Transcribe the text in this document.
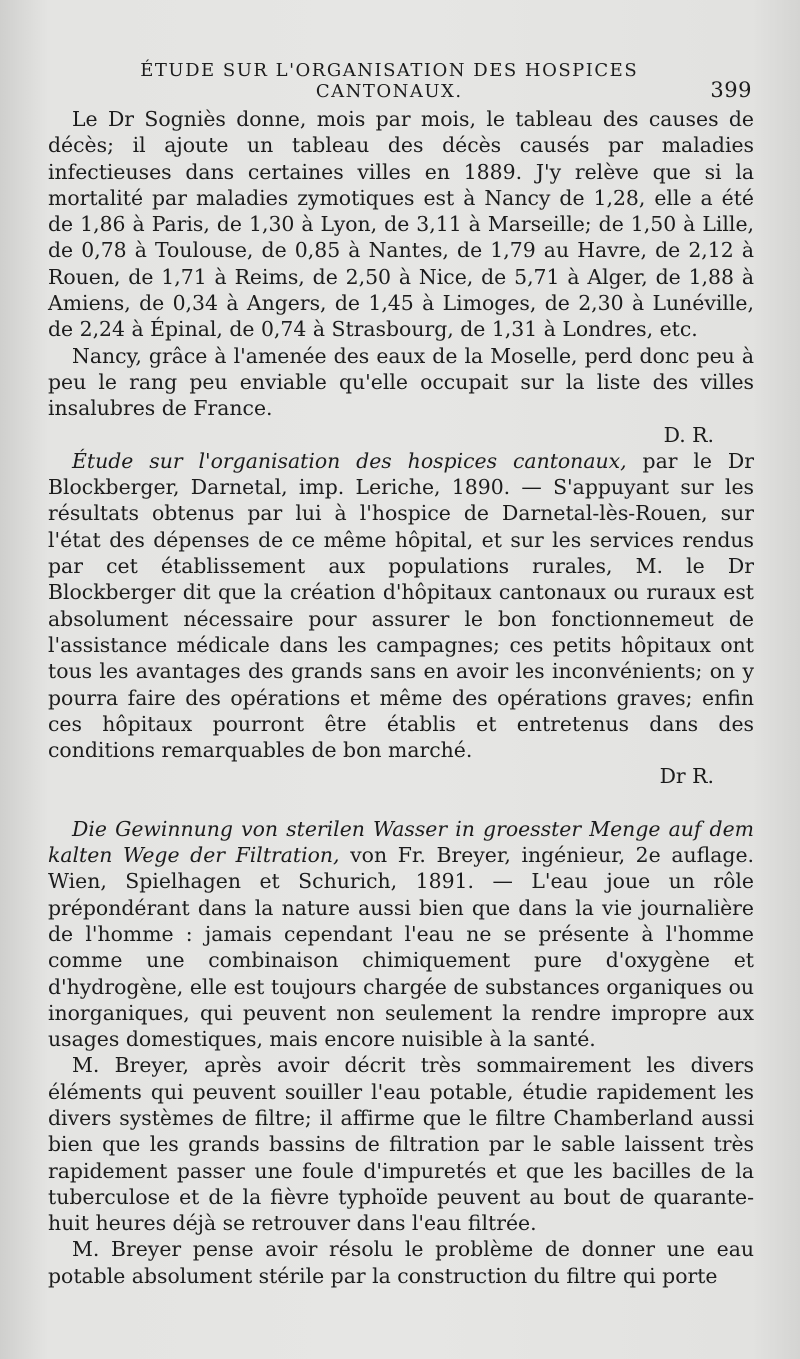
ÉTUDE SUR L'ORGANISATION DES HOSPICES CANTONAUX.	399

Le Dr Sogniès donne, mois par mois, le tableau des causes de décès; il ajoute un tableau des décès causés par maladies infectieuses dans certaines villes en 1889. J'y relève que si la mortalité par maladies zymotiques est à Nancy de 1,28, elle a été de 1,86 à Paris, de 1,30 à Lyon, de 3,11 à Marseille; de 1,50 à Lille, de 0,78 à Toulouse, de 0,85 à Nantes, de 1,79 au Havre, de 2,12 à Rouen, de 1,71 à Reims, de 2,50 à Nice, de 5,71 à Alger, de 1,88 à Amiens, de 0,34 à Angers, de 1,45 à Limoges, de 2,30 à Lunéville, de 2,24 à Épinal, de 0,74 à Strasbourg, de 1,31 à Londres, etc.

Nancy, grâce à l'amenée des eaux de la Moselle, perd donc peu à peu le rang peu enviable qu'elle occupait sur la liste des villes insalubres de France.

D. R.

Étude sur l'organisation des hospices cantonaux, par le Dr Blockberger, Darnetal, imp. Leriche, 1890. — S'appuyant sur les résultats obtenus par lui à l'hospice de Darnetal-lès-Rouen, sur l'état des dépenses de ce même hôpital, et sur les services rendus par cet établissement aux populations rurales, M. le Dr Blockberger dit que la création d'hôpitaux cantonaux ou ruraux est absolument nécessaire pour assurer le bon fonctionnemeut de l'assistance médicale dans les campagnes; ces petits hôpitaux ont tous les avantages des grands sans en avoir les inconvénients; on y pourra faire des opérations et même des opérations graves; enfin ces hôpitaux pourront être établis et entretenus dans des conditions remarquables de bon marché.

Dr R.

Die Gewinnung von sterilen Wasser in groesster Menge auf dem kalten Wege der Filtration, von Fr. Breyer, ingénieur, 2e auflage. Wien, Spielhagen et Schurich, 1891. — L'eau joue un rôle prépondérant dans la nature aussi bien que dans la vie journalière de l'homme : jamais cependant l'eau ne se présente à l'homme comme une combinaison chimiquement pure d'oxygène et d'hydrogène, elle est toujours chargée de substances organiques ou inorganiques, qui peuvent non seulement la rendre impropre aux usages domestiques, mais encore nuisible à la santé.

M. Breyer, après avoir décrit très sommairement les divers éléments qui peuvent souiller l'eau potable, étudie rapidement les divers systèmes de filtre; il affirme que le filtre Chamberland aussi bien que les grands bassins de filtration par le sable laissent très rapidement passer une foule d'impuretés et que les bacilles de la tuberculose et de la fièvre typhoïde peuvent au bout de quarante-huit heures déjà se retrouver dans l'eau filtrée.

M. Breyer pense avoir résolu le problème de donner une eau potable absolument stérile par la construction du filtre qui porte
